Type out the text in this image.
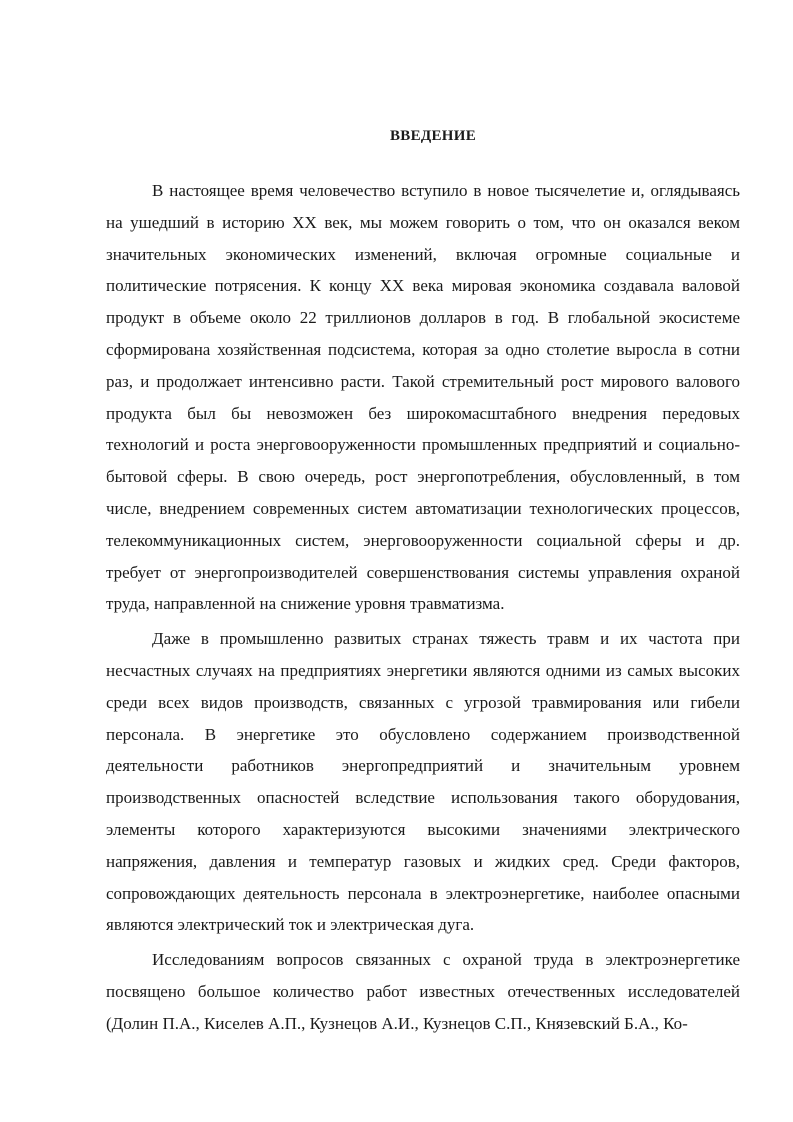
ВВЕДЕНИЕ

В настоящее время человечество вступило в новое тысячелетие и, оглядываясь на ушедший в историю XX век, мы можем говорить о том, что он оказался веком значительных экономических изменений, включая огромные социальные и политические потрясения. К концу XX века мировая экономика создавала валовой продукт в объеме около 22 триллионов долларов в год. В глобальной экосистеме сформирована хозяйственная подсистема, которая за одно столетие выросла в сотни раз, и продолжает интенсивно расти. Такой стремительный рост мирового валового продукта был бы невозможен без широкомасштабного внедрения передовых технологий и роста энерговооруженности промышленных предприятий и социально-бытовой сферы. В свою очередь, рост энергопотребления, обусловленный, в том числе, внедрением современных систем автоматизации технологических процессов, телекоммуникационных систем, энерговооруженности социальной сферы и др. требует от энергопроизводителей совершенствования системы управления охраной труда, направленной на снижение уровня травматизма.

Даже в промышленно развитых странах тяжесть травм и их частота при несчастных случаях на предприятиях энергетики являются одними из самых высоких среди всех видов производств, связанных с угрозой травмирования или гибели персонала. В энергетике это обусловлено содержанием производственной деятельности работников энергопредприятий и значительным уровнем производственных опасностей вследствие использования такого оборудования, элементы которого характеризуются высокими значениями электрического напряжения, давления и температур газовых и жидких сред. Среди факторов, сопровождающих деятельность персонала в электроэнергетике, наиболее опасными являются электрический ток и электрическая дуга.

Исследованиям вопросов связанных с охраной труда в электроэнергетике посвящено большое количество работ известных отечественных исследователей (Долин П.А., Киселев А.П., Кузнецов А.И., Кузнецов С.П., Князевский Б.А., Ко-
